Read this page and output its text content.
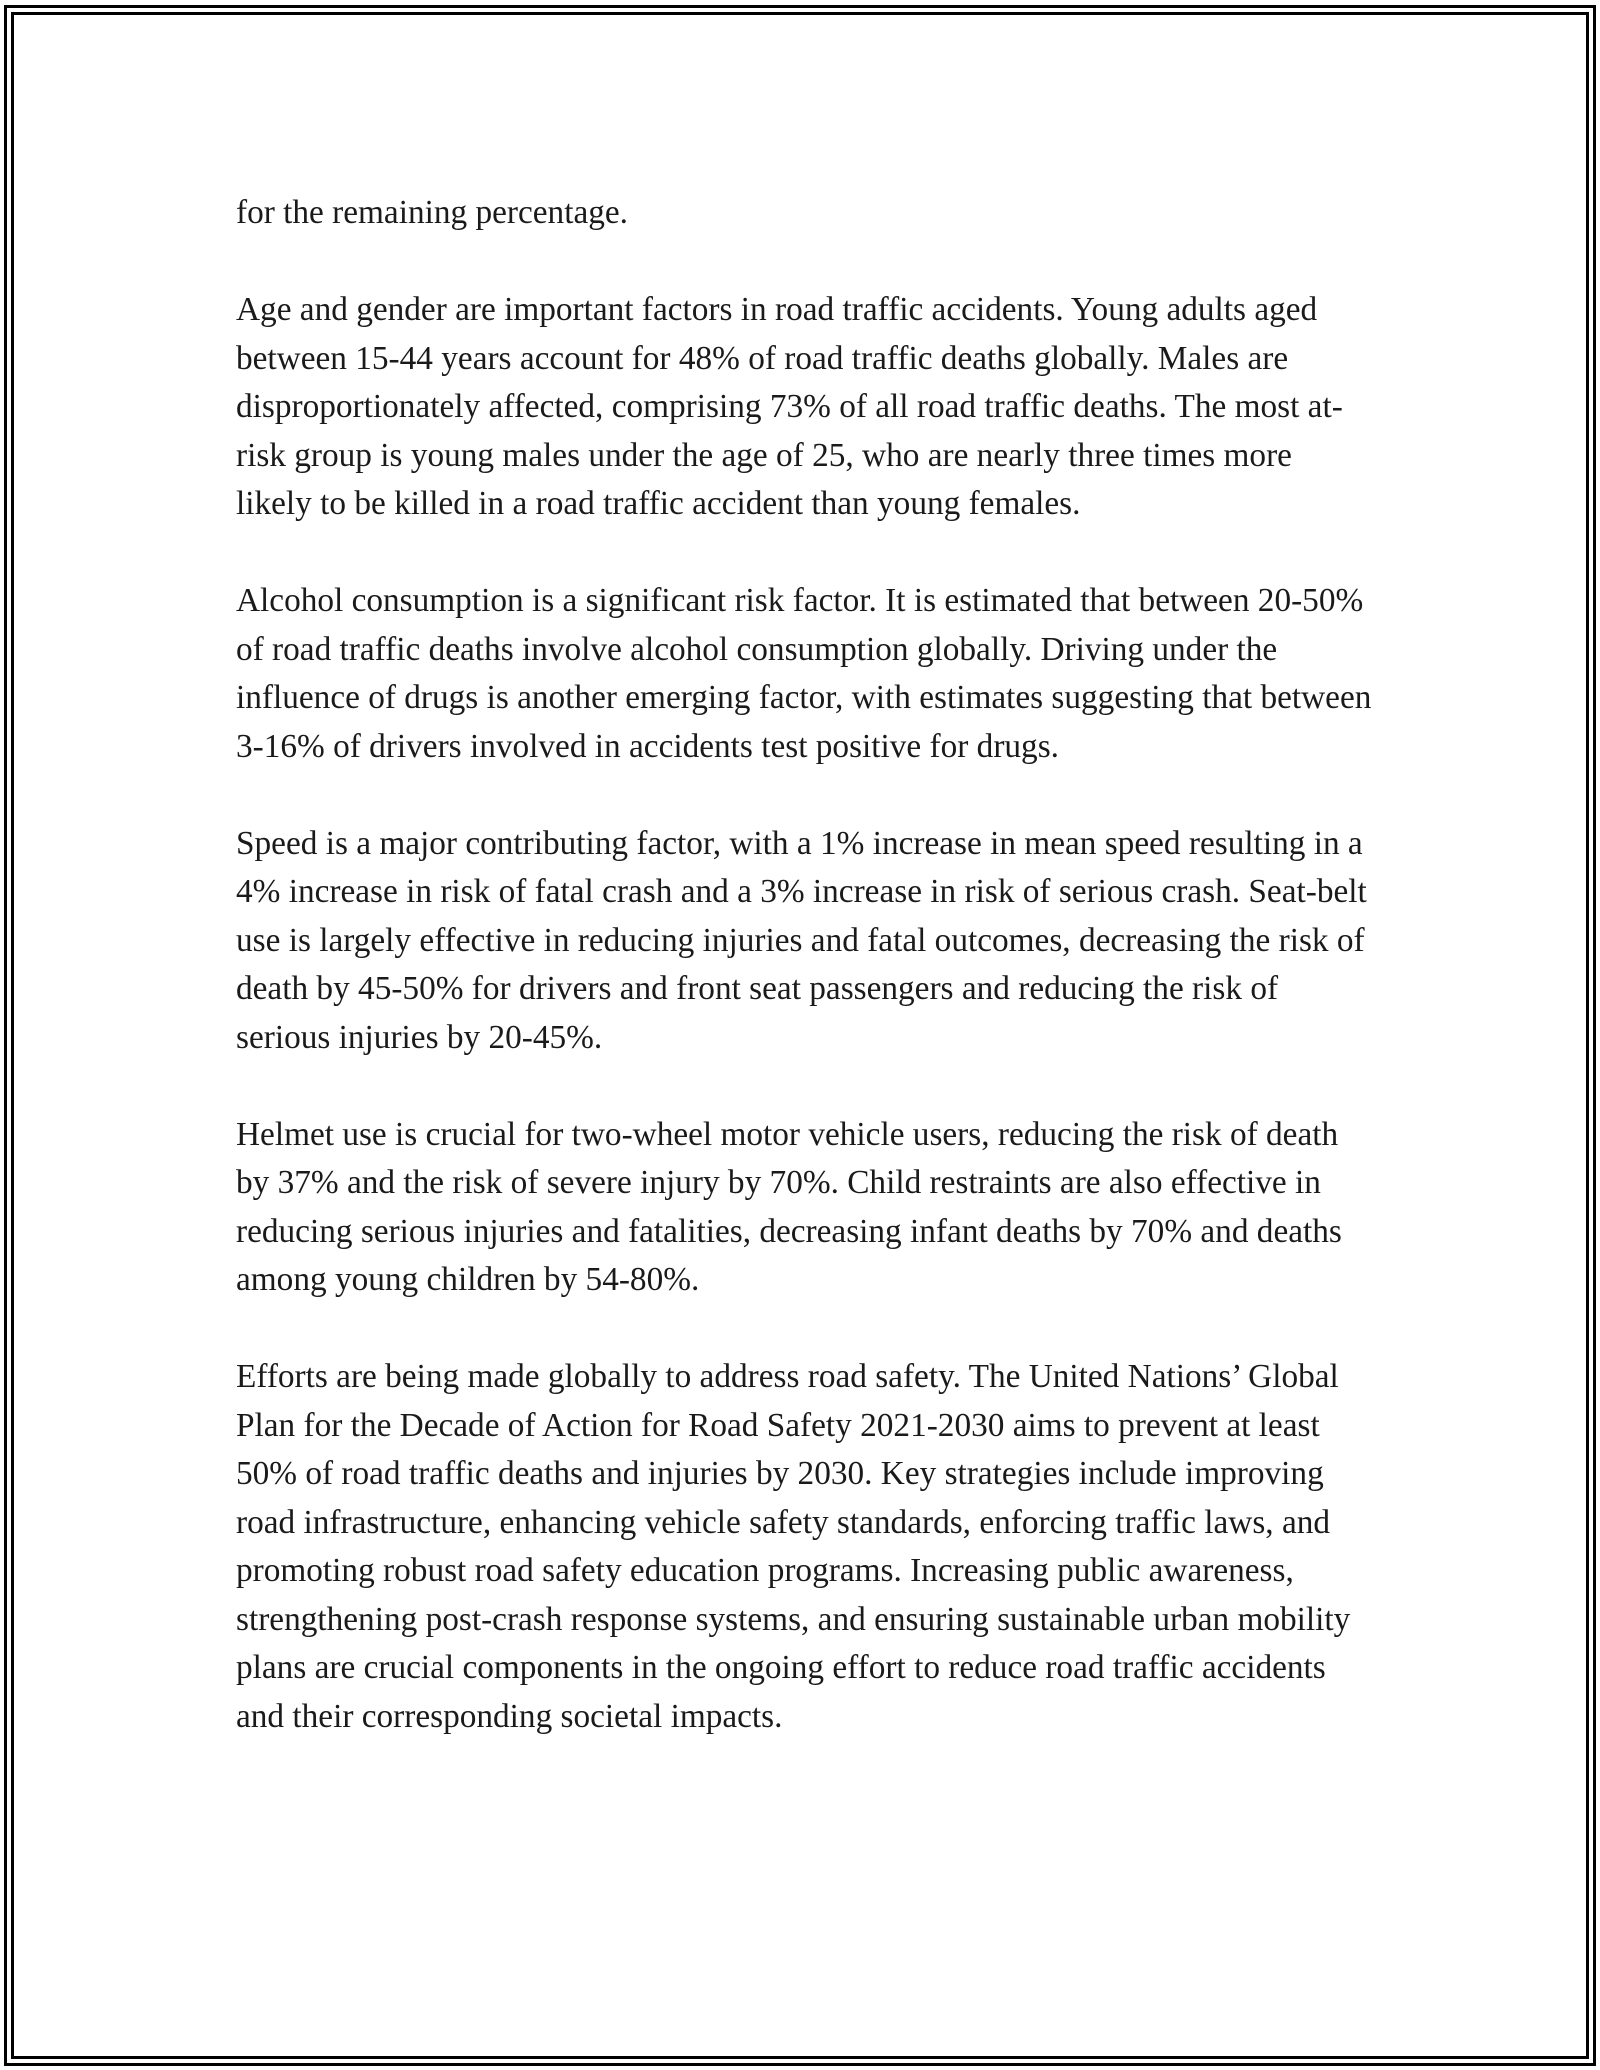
for the remaining percentage.

Age and gender are important factors in road traffic accidents. Young adults aged between 15-44 years account for 48% of road traffic deaths globally. Males are disproportionately affected, comprising 73% of all road traffic deaths. The most at-risk group is young males under the age of 25, who are nearly three times more likely to be killed in a road traffic accident than young females.

Alcohol consumption is a significant risk factor. It is estimated that between 20-50% of road traffic deaths involve alcohol consumption globally. Driving under the influence of drugs is another emerging factor, with estimates suggesting that between 3-16% of drivers involved in accidents test positive for drugs.

Speed is a major contributing factor, with a 1% increase in mean speed resulting in a 4% increase in risk of fatal crash and a 3% increase in risk of serious crash. Seat-belt use is largely effective in reducing injuries and fatal outcomes, decreasing the risk of death by 45-50% for drivers and front seat passengers and reducing the risk of serious injuries by 20-45%.

Helmet use is crucial for two-wheel motor vehicle users, reducing the risk of death by 37% and the risk of severe injury by 70%. Child restraints are also effective in reducing serious injuries and fatalities, decreasing infant deaths by 70% and deaths among young children by 54-80%.

Efforts are being made globally to address road safety. The United Nations’ Global Plan for the Decade of Action for Road Safety 2021-2030 aims to prevent at least 50% of road traffic deaths and injuries by 2030. Key strategies include improving road infrastructure, enhancing vehicle safety standards, enforcing traffic laws, and promoting robust road safety education programs. Increasing public awareness, strengthening post-crash response systems, and ensuring sustainable urban mobility plans are crucial components in the ongoing effort to reduce road traffic accidents and their corresponding societal impacts.
